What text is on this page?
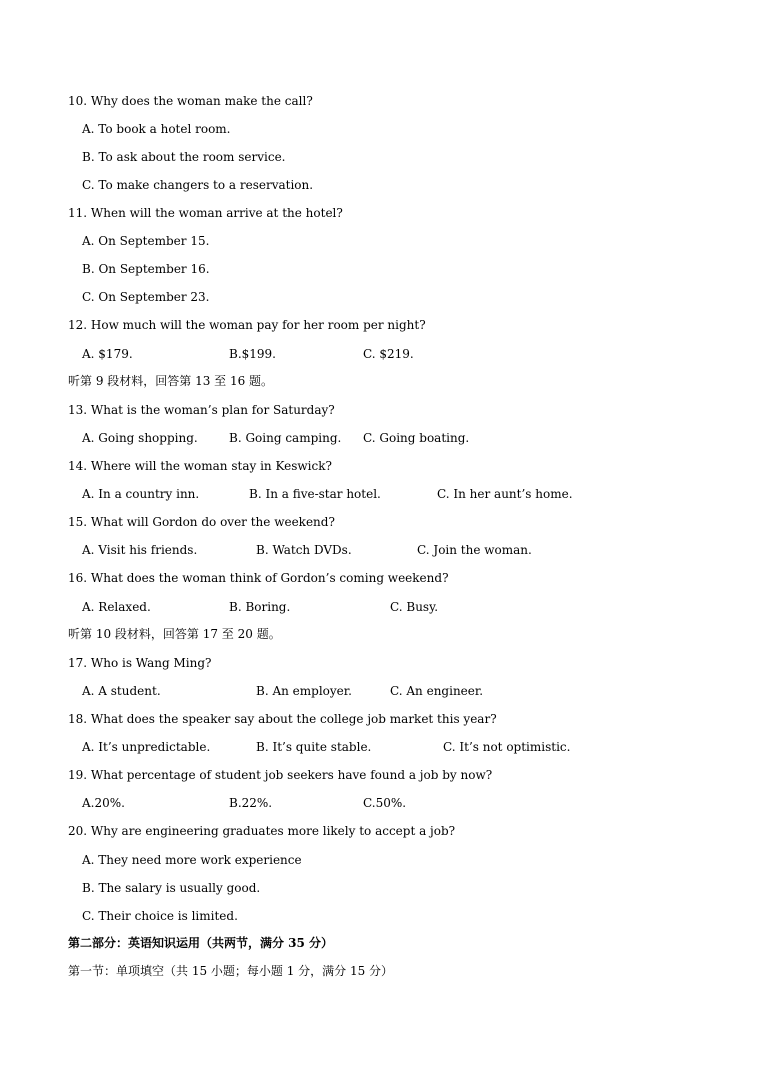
10. Why does the woman make the call?
A. To book a hotel room.
B. To ask about the room service.
C. To make changers to a reservation.
11. When will the woman arrive at the hotel?
A. On September 15.
B. On September 16.
C. On September 23.
12. How much will the woman pay for her room per night?
A. $179.	B.$199.	C. $219.
听第 9 段材料，回答第 13 至 16 题。
13. What is the woman’s plan for Saturday?
A. Going shopping.	B. Going camping. C. Going boating.
14. Where will the woman stay in Keswick?
A. In a country inn.	B. In a five-star hotel.	C. In her aunt’s home.
15. What will Gordon do over the weekend?
A. Visit his friends.	B. Watch DVDs.	C. Join the woman.
16. What does the woman think of Gordon’s coming weekend?
A. Relaxed.	B. Boring.	C. Busy.
听第 10 段材料，回答第 17 至 20 题。
17. Who is Wang Ming?
A. A student.	B. An employer.	C. An engineer.
18. What does the speaker say about the college job market this year?
A. It’s unpredictable.	B. It’s quite stable.	C. It’s not optimistic.
19. What percentage of student job seekers have found a job by now?
A.20%.	B.22%.	C.50%.
20. Why are engineering graduates more likely to accept a job?
A. They need more work experience
B. The salary is usually good.
C. Their choice is limited.
第二部分：英语知识运用（共两节，满分 35 分）
第一节：单项填空（共 15 小题；每小题 1 分，满分 15 分）
